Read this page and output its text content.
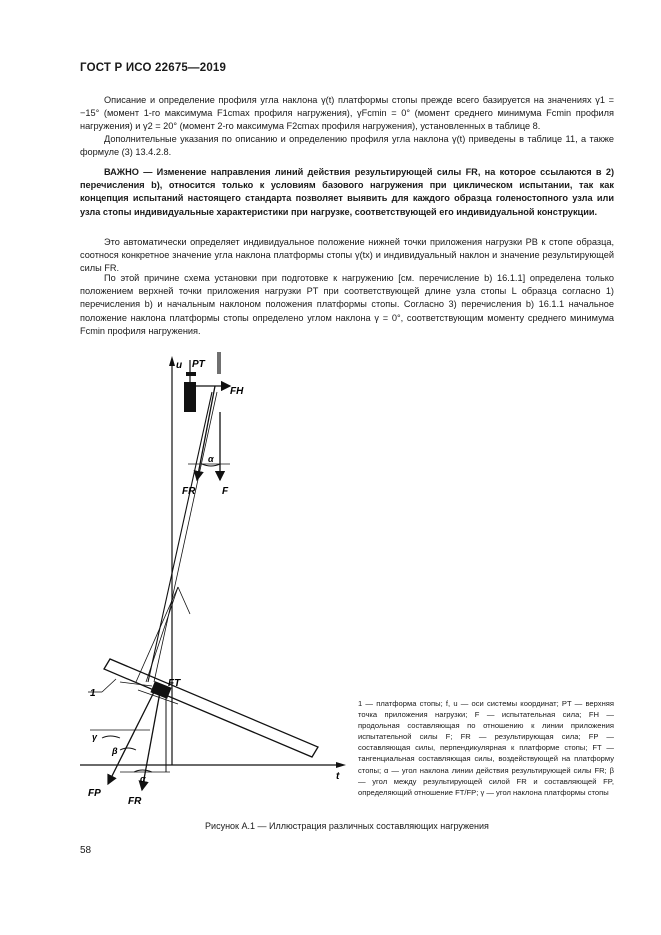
ГОСТ Р ИСО 22675—2019

Описание и определение профиля угла наклона γ(t) платформы стопы прежде всего базируется на значениях γ1 = −15° (момент 1-го максимума F1cmax профиля нагружения), γFcmin = 0° (момент среднего минимума Fcmin профиля нагружения) и γ2 = 20° (момент 2-го максимума F2cmax профиля нагружения), установленных в таблице 8.

Дополнительные указания по описанию и определению профиля угла наклона γ(t) приведены в таблице 11, а также формуле (3) 13.4.2.8.

ВАЖНО — Изменение направления линий действия результирующей силы FR, на которое ссылаются в 2) перечисления b), относится только к условиям базового нагружения при циклическом испытании, так как концепция испытаний настоящего стандарта позволяет выявить для каждого образца голеностопного узла или узла стопы индивидуальные характеристики при нагрузке, соответствующей его индивидуальной конструкции.

Это автоматически определяет индивидуальное положение нижней точки приложения нагрузки PB к стопе образца, соотнося конкретное значение угла наклона платформы стопы γ(tx) и индивидуальный наклон и значение результирующей силы FR.

По этой причине схема установки при подготовке к нагружению [см. перечисление b) 16.1.1] определена только положением верхней точки приложения нагрузки PT при соответствующей длине узла стопы L образца согласно 1) перечисления b) и начальным наклоном положения платформы стопы. Согласно 3) перечисления b) 16.1.1 начальное положение наклона платформы стопы определено углом наклона γ = 0°, соответствующим моменту среднего минимума Fcmin профиля нагружения.

PT
FH
u
α
FR	F
t
1
FT
γ
β
α
FP
FR

1 — платформа стопы; f, u — оси системы координат; PT — верхняя точка приложения нагрузки; F — испытательная сила; FH — продольная составляющая по отношению к линии приложения испытательной силы F; FR — результирующая сила; FP — составляющая силы, перпендикулярная к платформе стопы; FT — тангенциальная составляющая силы, воздействующей на платформу стопы; α — угол наклона линии действия результирующей силы FR; β — угол между результирующей силой FR и составляющей FP, определяющий отношение FT/FP; γ — угол наклона платформы стопы

Рисунок А.1 — Иллюстрация различных составляющих нагружения
58
